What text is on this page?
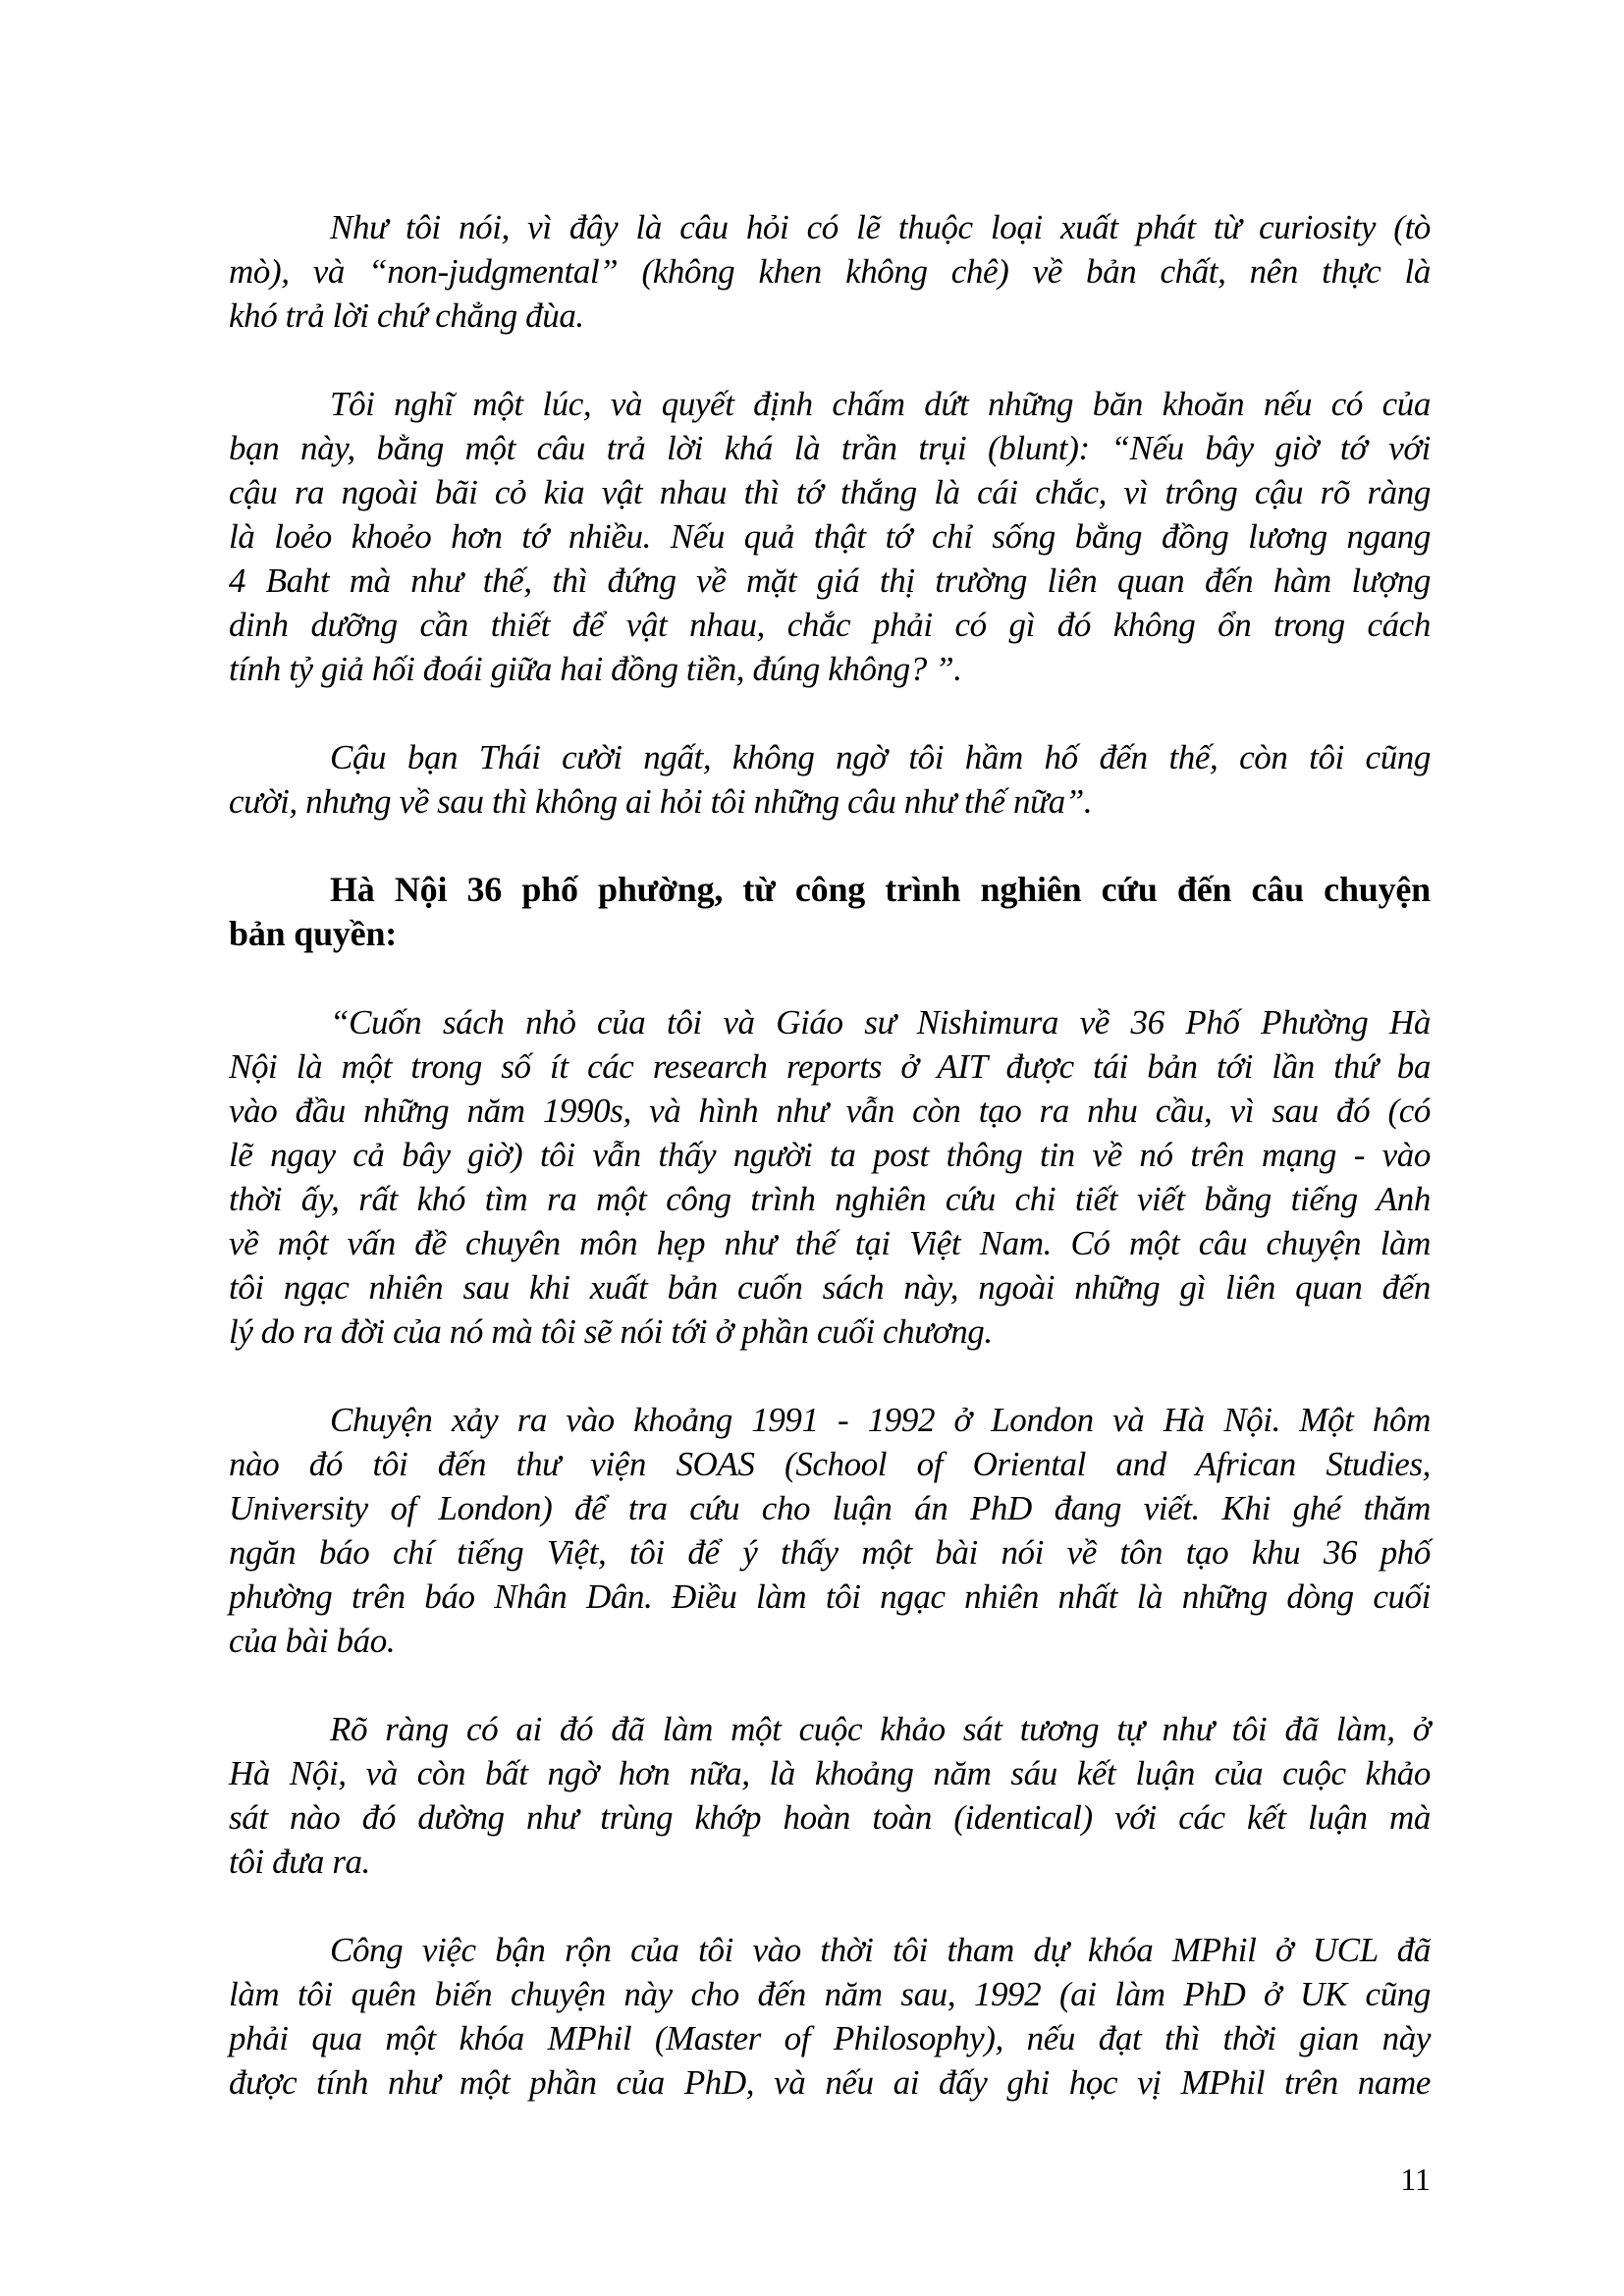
Như tôi nói, vì đây là câu hỏi có lẽ thuộc loại xuất phát từ curiosity (tò
mò), và “non-judgmental” (không khen không chê) về bản chất, nên thực là
khó trả lời chứ chẳng đùa.
Tôi nghĩ một lúc, và quyết định chấm dứt những băn khoăn nếu có của
bạn này, bằng một câu trả lời khá là trần trụi (blunt): “Nếu bây giờ tớ với
cậu ra ngoài bãi cỏ kia vật nhau thì tớ thắng là cái chắc, vì trông cậu rõ ràng
là loẻo khoẻo hơn tớ nhiều. Nếu quả thật tớ chỉ sống bằng đồng lương ngang
4 Baht mà như thế, thì đứng về mặt giá thị trường liên quan đến hàm lượng
dinh dưỡng cần thiết để vật nhau, chắc phải có gì đó không ổn trong cách
tính tỷ giả hối đoái giữa hai đồng tiền, đúng không? ”.
Cậu bạn Thái cười ngất, không ngờ tôi hầm hố đến thế, còn tôi cũng
cười, nhưng về sau thì không ai hỏi tôi những câu như thế nữa”.
Hà Nội 36 phố phường, từ công trình nghiên cứu đến câu chuyện
bản quyền:
“Cuốn sách nhỏ của tôi và Giáo sư Nishimura về 36 Phố Phường Hà
Nội là một trong số ít các research reports ở AIT được tái bản tới lần thứ ba
vào đầu những năm 1990s, và hình như vẫn còn tạo ra nhu cầu, vì sau đó (có
lẽ ngay cả bây giờ) tôi vẫn thấy người ta post thông tin về nó trên mạng - vào
thời ấy, rất khó tìm ra một công trình nghiên cứu chi tiết viết bằng tiếng Anh
về một vấn đề chuyên môn hẹp như thế tại Việt Nam. Có một câu chuyện làm
tôi ngạc nhiên sau khi xuất bản cuốn sách này, ngoài những gì liên quan đến
lý do ra đời của nó mà tôi sẽ nói tới ở phần cuối chương.
Chuyện xảy ra vào khoảng 1991 - 1992 ở London và Hà Nội. Một hôm
nào đó tôi đến thư viện SOAS (School of Oriental and African Studies,
University of London) để tra cứu cho luận án PhD đang viết. Khi ghé thăm
ngăn báo chí tiếng Việt, tôi để ý thấy một bài nói về tôn tạo khu 36 phố
phường trên báo Nhân Dân. Điều làm tôi ngạc nhiên nhất là những dòng cuối
của bài báo.
Rõ ràng có ai đó đã làm một cuộc khảo sát tương tự như tôi đã làm, ở
Hà Nội, và còn bất ngờ hơn nữa, là khoảng năm sáu kết luận của cuộc khảo
sát nào đó dường như trùng khớp hoàn toàn (identical) với các kết luận mà
tôi đưa ra.
Công việc bận rộn của tôi vào thời tôi tham dự khóa MPhil ở UCL đã
làm tôi quên biến chuyện này cho đến năm sau, 1992 (ai làm PhD ở UK cũng
phải qua một khóa MPhil (Master of Philosophy), nếu đạt thì thời gian này
được tính như một phần của PhD, và nếu ai đấy ghi học vị MPhil trên name
11
